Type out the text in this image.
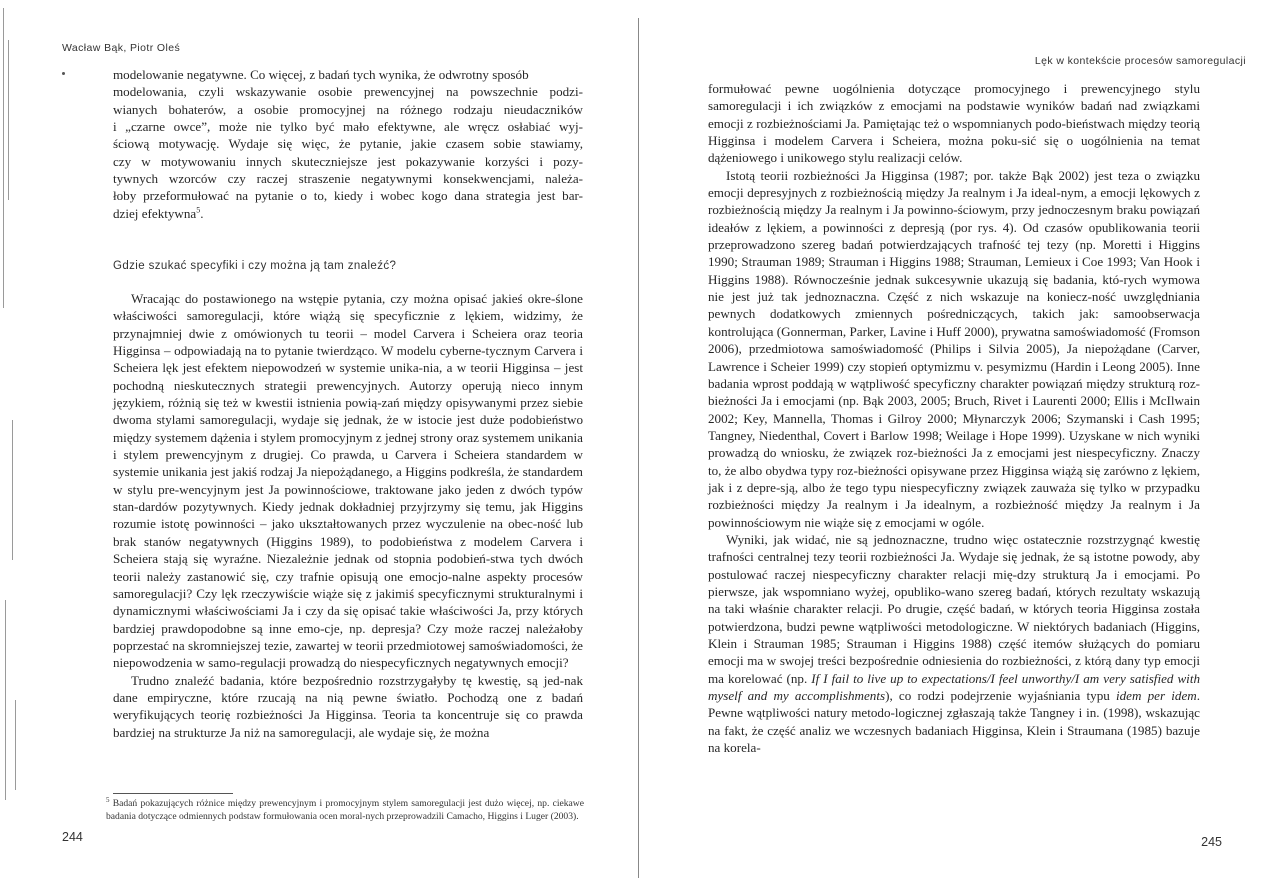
Wacław Bąk, Piotr Oleś

modelowanie negatywne. Co więcej, z badań tych wynika, że odwrotny sposób

modelowania, czyli wskazywanie osobie prewencyjnej na powszechnie podzi-

wianych bohaterów, a osobie promocyjnej na różnego rodzaju nieudaczników

i „czarne owce”, może nie tylko być mało efektywne, ale wręcz osłabiać wyj-

ściową motywację. Wydaje się więc, że pytanie, jakie czasem sobie stawiamy,

czy w motywowaniu innych skuteczniejsze jest pokazywanie korzyści i pozy-

tywnych wzorców czy raczej straszenie negatywnymi konsekwencjami, należa-

łoby przeformułować na pytanie o to, kiedy i wobec kogo dana strategia jest bar-

dziej efektywna$^5$.

Gdzie szukać specyfiki i czy można ją tam znaleźć?

Wracając do postawionego na wstępie pytania, czy można opisać jakieś okre-ślone właściwości samoregulacji, które wiążą się specyficznie z lękiem, widzimy, że przynajmniej dwie z omówionych tu teorii – model Carvera i Scheiera oraz teoria Higginsa – odpowiadają na to pytanie twierdząco. W modelu cyberne-tycznym Carvera i Scheiera lęk jest efektem niepowodzeń w systemie unika-nia, a w teorii Higginsa – jest pochodną nieskutecznych strategii prewencyjnych. Autorzy operują nieco innym językiem, różnią się też w kwestii istnienia powią-zań między opisywanymi przez siebie dwoma stylami samoregulacji, wydaje się jednak, że w istocie jest duże podobieństwo między systemem dążenia i stylem promocyjnym z jednej strony oraz systemem unikania i stylem prewencyjnym z drugiej. Co prawda, u Carvera i Scheiera standardem w systemie unikania jest jakiś rodzaj Ja niepożądanego, a Higgins podkreśla, że standardem w stylu pre-wencyjnym jest Ja powinnościowe, traktowane jako jeden z dwóch typów stan-dardów pozytywnych. Kiedy jednak dokładniej przyjrzymy się temu, jak Higgins rozumie istotę powinności – jako ukształtowanych przez wyczulenie na obec-ność lub brak stanów negatywnych (Higgins 1989), to podobieństwa z modelem Carvera i Scheiera stają się wyraźne. Niezależnie jednak od stopnia podobień-stwa tych dwóch teorii należy zastanowić się, czy trafnie opisują one emocjo-nalne aspekty procesów samoregulacji? Czy lęk rzeczywiście wiąże się z jakimiś specyficznymi strukturalnymi i dynamicznymi właściwościami Ja i czy da się opisać takie właściwości Ja, przy których bardziej prawdopodobne są inne emo-cje, np. depresja? Czy może raczej należałoby poprzestać na skromniejszej tezie, zawartej w teorii przedmiotowej samoświadomości, że niepowodzenia w samo-regulacji prowadzą do niespecyficznych negatywnych emocji?

Trudno znaleźć badania, które bezpośrednio rozstrzygałyby tę kwestię, są jed-nak dane empiryczne, które rzucają na nią pewne światło. Pochodzą one z badań weryfikujących teorię rozbieżności Ja Higginsa. Teoria ta koncentruje się co prawda bardziej na strukturze Ja niż na samoregulacji, ale wydaje się, że można

$^5$ Badań pokazujących różnice między prewencyjnym i promocyjnym stylem samoregulacji jest dużo więcej, np. ciekawe badania dotyczące odmiennych podstaw formułowania ocen moral-nych przeprowadzili Camacho, Higgins i Luger (2003).
244
Lęk w kontekście procesów samoregulacji

formułować pewne uogólnienia dotyczące promocyjnego i prewencyjnego stylu samoregulacji i ich związków z emocjami na podstawie wyników badań nad związkami emocji z rozbieżnościami Ja. Pamiętając też o wspomnianych podo-bieństwach między teorią Higginsa i modelem Carvera i Scheiera, można poku-sić się o uogólnienia na temat dążeniowego i unikowego stylu realizacji celów.

Istotą teorii rozbieżności Ja Higginsa (1987; por. także Bąk 2002) jest teza o związku emocji depresyjnych z rozbieżnością między Ja realnym i Ja ideal-nym, a emocji lękowych z rozbieżnością między Ja realnym i Ja powinno-ściowym, przy jednoczesnym braku powiązań ideałów z lękiem, a powinności z depresją (por rys. 4). Od czasów opublikowania teorii przeprowadzono szereg badań potwierdzających trafność tej tezy (np. Moretti i Higgins 1990; Strauman 1989; Strauman i Higgins 1988; Strauman, Lemieux i Coe 1993; Van Hook i Higgins 1988). Równocześnie jednak sukcesywnie ukazują się badania, któ-rych wymowa nie jest już tak jednoznaczna. Część z nich wskazuje na koniecz-ność uwzględniania pewnych dodatkowych zmiennych pośredniczących, takich jak: samoobserwacja kontrolująca (Gonnerman, Parker, Lavine i Huff 2000), prywatna samoświadomość (Fromson 2006), przedmiotowa samoświadomość (Philips i Silvia 2005), Ja niepożądane (Carver, Lawrence i Scheier 1999) czy stopień optymizmu v. pesymizmu (Hardin i Leong 2005). Inne badania wprost poddają w wątpliwość specyficzny charakter powiązań między strukturą roz-bieżności Ja i emocjami (np. Bąk 2003, 2005; Bruch, Rivet i Laurenti 2000; Ellis i McIlwain 2002; Key, Mannella, Thomas i Gilroy 2000; Młynarczyk 2006; Szymanski i Cash 1995; Tangney, Niedenthal, Covert i Barlow 1998; Weilage i Hope 1999). Uzyskane w nich wyniki prowadzą do wniosku, że związek roz-bieżności Ja z emocjami jest niespecyficzny. Znaczy to, że albo obydwa typy roz-bieżności opisywane przez Higginsa wiążą się zarówno z lękiem, jak i z depre-sją, albo że tego typu niespecyficzny związek zauważa się tylko w przypadku rozbieżności między Ja realnym i Ja idealnym, a rozbieżność między Ja realnym i Ja powinnościowym nie wiąże się z emocjami w ogóle.

Wyniki, jak widać, nie są jednoznaczne, trudno więc ostatecznie rozstrzygnąć kwestię trafności centralnej tezy teorii rozbieżności Ja. Wydaje się jednak, że są istotne powody, aby postulować raczej niespecyficzny charakter relacji mię-dzy strukturą Ja i emocjami. Po pierwsze, jak wspomniano wyżej, opubliko-wano szereg badań, których rezultaty wskazują na taki właśnie charakter relacji. Po drugie, część badań, w których teoria Higginsa została potwierdzona, budzi pewne wątpliwości metodologiczne. W niektórych badaniach (Higgins, Klein i Strauman 1985; Strauman i Higgins 1988) część itemów służących do pomiaru emocji ma w swojej treści bezpośrednie odniesienia do rozbieżności, z którą dany typ emocji ma korelować (np. If I fail to live up to expectations/I feel unworthy/I am very satisfied with myself and my accomplishments), co rodzi podejrzenie wyjaśniania typu idem per idem. Pewne wątpliwości natury metodo-logicznej zgłaszają także Tangney i in. (1998), wskazując na fakt, że część analiz we wczesnych badaniach Higginsa, Klein i Straumana (1985) bazuje na korela-

245
